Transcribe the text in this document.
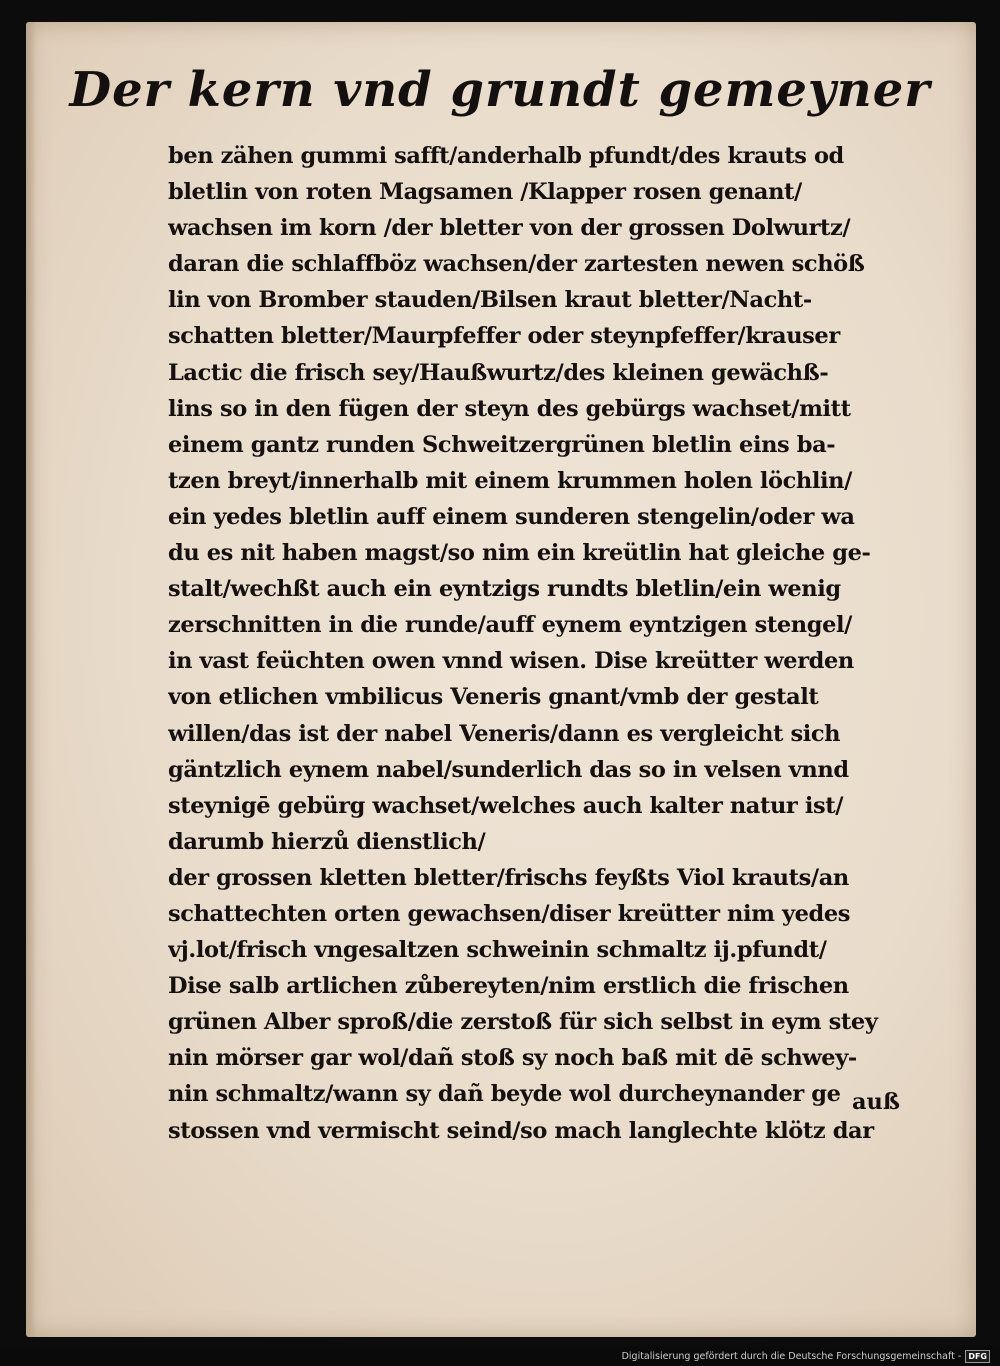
Der kern vnd grundt gemeyner
ben zähen gummi safft/anderhalb pfundt/des krauts od
bletlin von roten Magsamen /Klapper rosen genant/
wachsen im korn /der bletter von der grossen Dolwurtz/
daran die schlaffböz wachsen/der zartesten newen schöß
lin von Bromber stauden/Bilsen kraut bletter/Nacht-
schatten bletter/Maurpfeffer oder steynpfeffer/krauser
Lactic die frisch sey/Haußwurtz/des kleinen gewächß-
lins so in den fügen der steyn des gebürgs wachset/mitt
einem gantz runden Schweitzergrünen bletlin eins ba-
tzen breyt/innerhalb mit einem krummen holen löchlin/
ein yedes bletlin auff einem sunderen stengelin/oder wa
du es nit haben magst/so nim ein kreütlin hat gleiche ge-
stalt/wechßt auch ein eyntzigs rundts bletlin/ein wenig
zerschnitten in die runde/auff eynem eyntzigen stengel/
in vast feüchten owen vnnd wisen. Dise kreütter werden
von etlichen vmbilicus Veneris gnant/vmb der gestalt
willen/das ist der nabel Veneris/dann es vergleicht sich
gäntzlich eynem nabel/sunderlich das so in velsen vnnd
steynigē gebürg wachset/welches auch kalter natur ist/
darumb hierzů dienstlich/
der grossen kletten bletter/frischs feyßts Viol krauts/an
schattechten orten gewachsen/diser kreütter nim yedes
vj.lot/frisch vngesaltzen schweinin schmaltz ij.pfundt/
Dise salb artlichen zůbereyten/nim erstlich die frischen
grünen Alber sproß/die zerstoß für sich selbst in eym stey
nin mörser gar wol/dañ stoß sy noch baß mit dē schwey-
nin schmaltz/wann sy dañ beyde wol durcheynander ge
stossen vnd vermischt seind/so mach langlechte klötz dar
auß
Digitalisierung gefördert durch die Deutsche Forschungsgemeinschaft - DFG
